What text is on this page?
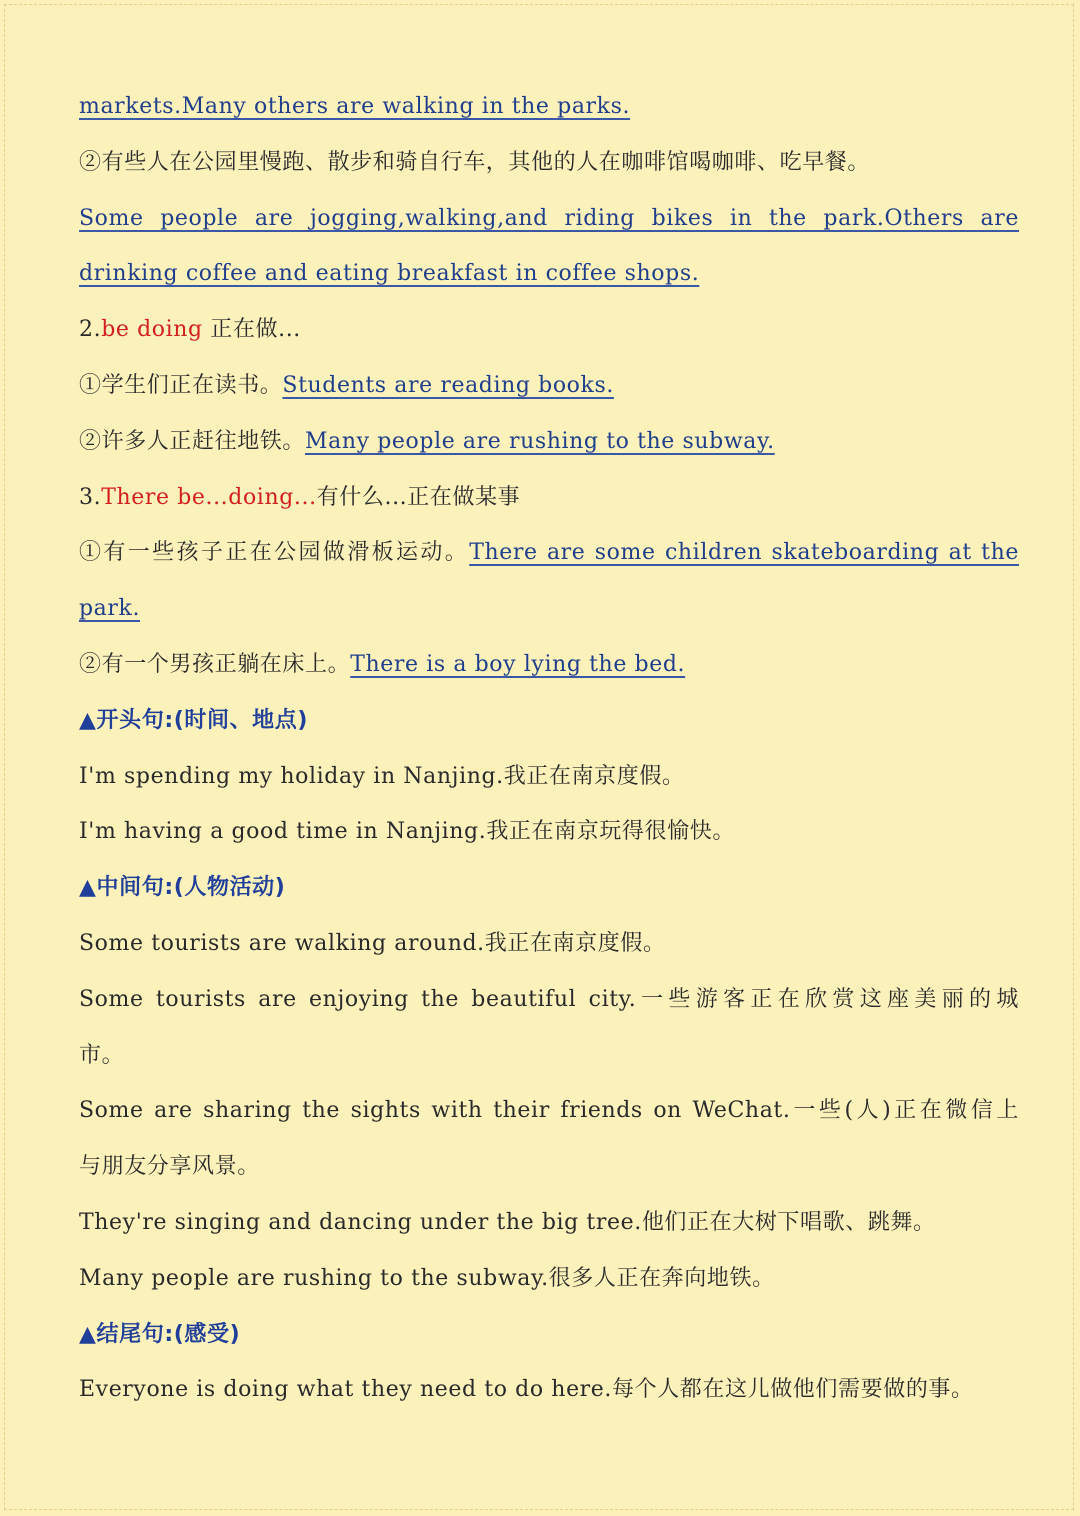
markets.Many others are walking in the parks.
②有些人在公园里慢跑、散步和骑自行车，其他的人在咖啡馆喝咖啡、吃早餐。
Some people are jogging,walking,and riding bikes in the park.Others are
drinking coffee and eating breakfast in coffee shops.
2.be doing 正在做...
①学生们正在读书。Students are reading books.
②许多人正赶往地铁。Many people are rushing to the subway.
3.There be...doing...有什么...正在做某事
①有一些孩子正在公园做滑板运动。There are some children skateboarding at the
park.
②有一个男孩正躺在床上。There is a boy lying the bed.
▲开头句:(时间、地点)
I'm spending my holiday in Nanjing.我正在南京度假。
I'm having a good time in Nanjing.我正在南京玩得很愉快。
▲中间句:(人物活动)
Some tourists are walking around.我正在南京度假。
Some tourists are enjoying the beautiful city.一些游客正在欣赏这座美丽的城
市。
Some are sharing the sights with their friends on WeChat.一些(人)正在微信上
与朋友分享风景。
They're singing and dancing under the big tree.他们正在大树下唱歌、跳舞。
Many people are rushing to the subway.很多人正在奔向地铁。
▲结尾句:(感受)
Everyone is doing what they need to do here.每个人都在这儿做他们需要做的事。
